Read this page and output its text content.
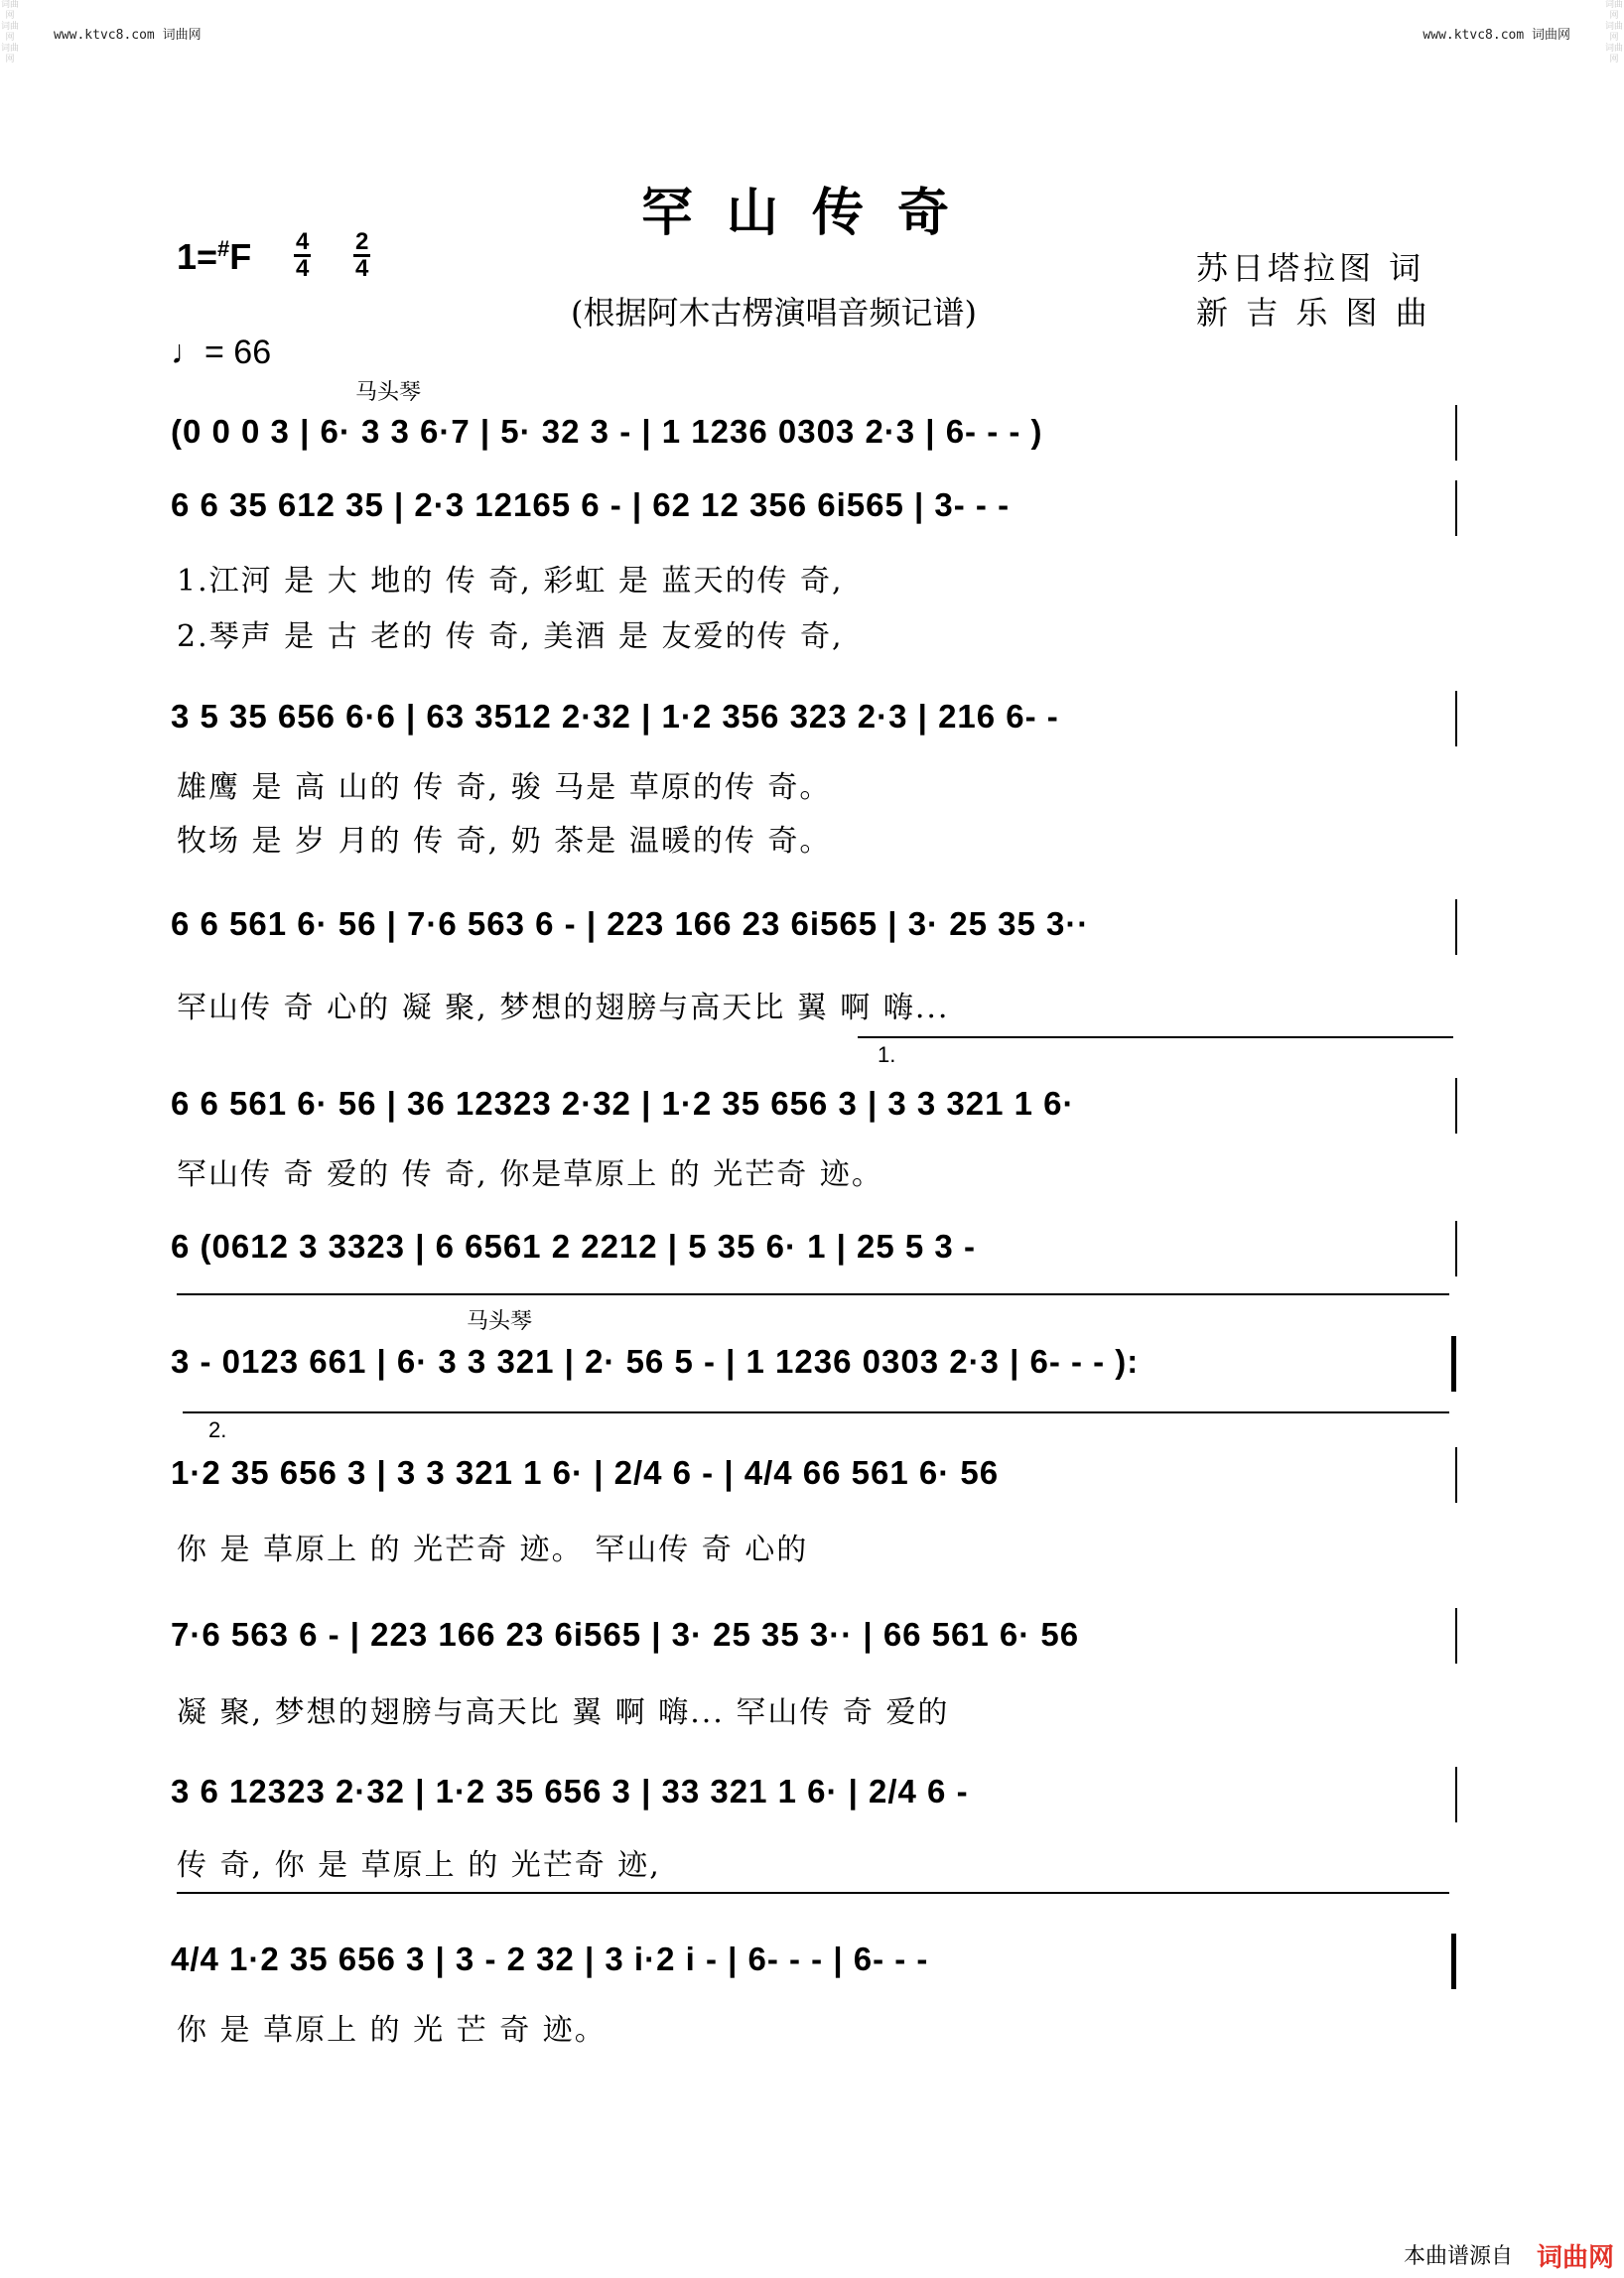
词曲网
词曲网
词曲网
词曲网
词曲网
词曲网
www.ktvc8.com 词曲网	www.ktvc8.com 词曲网
罕山传奇
$1=^{\#}F \frac{4}{4} \frac{2}{4}$
(根据阿木古楞演唱音频记谱)
苏日塔拉图 词
新 吉 乐 图 曲
♩= 66
马头琴
马头琴
1.
2.
(0 0 0 3 | 6· 3 3 6·7 | 5· 32 3 - | 1 1236 0303 2·3 | 6- - - )
6 6 35 612 35 | 2·3 12165 6 - | 62 12 356 6i565 | 3- - -
1.江河 是 大 地的 传 奇, 彩虹 是 蓝天的传 奇,
2.琴声 是 古 老的 传 奇, 美酒 是 友爱的传 奇,
3 5 35 656 6·6 | 63 3512 2·32 | 1·2 356 323 2·3 | 216 6- -
雄鹰 是 高 山的 传 奇, 骏 马是 草原的传 奇。
牧场 是 岁 月的 传 奇, 奶 茶是 温暖的传 奇。
6 6 561 6· 56 | 7·6 563 6 - | 223 166 23 6i565 | 3· 25 35 3··
罕山传 奇 心的 凝 聚, 梦想的翅膀与高天比 翼 啊 嗨...
6 6 561 6· 56 | 36 12323 2·32 | 1·2 35 656 3 | 3 3 321 1 6·
罕山传 奇 爱的 传 奇, 你是草原上 的 光芒奇 迹。
6 (0612 3 3323 | 6 6561 2 2212 | 5 35 6· 1 | 25 5 3 -
3 - 0123 661 | 6· 3 3 321 | 2· 56 5 - | 1 1236 0303 2·3 | 6- - - ):
1·2 35 656 3 | 3 3 321 1 6· | 2/4 6 - | 4/4 66 561 6· 56
你 是 草原上 的 光芒奇 迹。 罕山传 奇 心的
7·6 563 6 - | 223 166 23 6i565 | 3· 25 35 3·· | 66 561 6· 56
凝 聚, 梦想的翅膀与高天比 翼 啊 嗨... 罕山传 奇 爱的
3 6 12323 2·32 | 1·2 35 656 3 | 33 321 1 6· | 2/4 6 -
传 奇, 你 是 草原上 的 光芒奇 迹,
4/4 1·2 35 656 3 | 3 - 2 32 | 3 i·2 i - | 6- - - | 6- - -
你 是 草原上 的 光 芒 奇 迹。
本曲谱源自 词曲网
